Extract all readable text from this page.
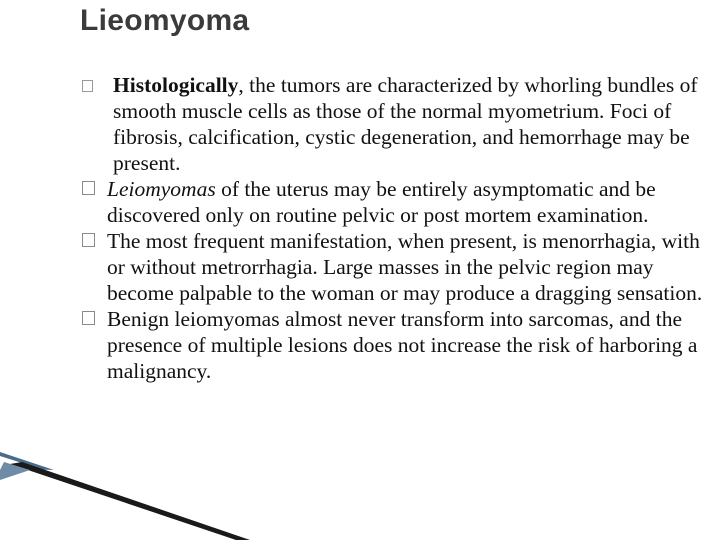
Lieomyoma

Histologically, the tumors are characterized by whorling bundles of smooth muscle cells as those of the normal myometrium. Foci of fibrosis, calcification, cystic degeneration, and hemorrhage may be present.

Leiomyomas of the uterus may be entirely asymptomatic and be discovered only on routine pelvic or post mortem examination.

The most frequent manifestation, when present, is menorrhagia, with or without metrorrhagia. Large masses in the pelvic region may become palpable to the woman or may produce a dragging sensation.

Benign leiomyomas almost never transform into sarcomas, and the presence of multiple lesions does not increase the risk of harboring a malignancy.
